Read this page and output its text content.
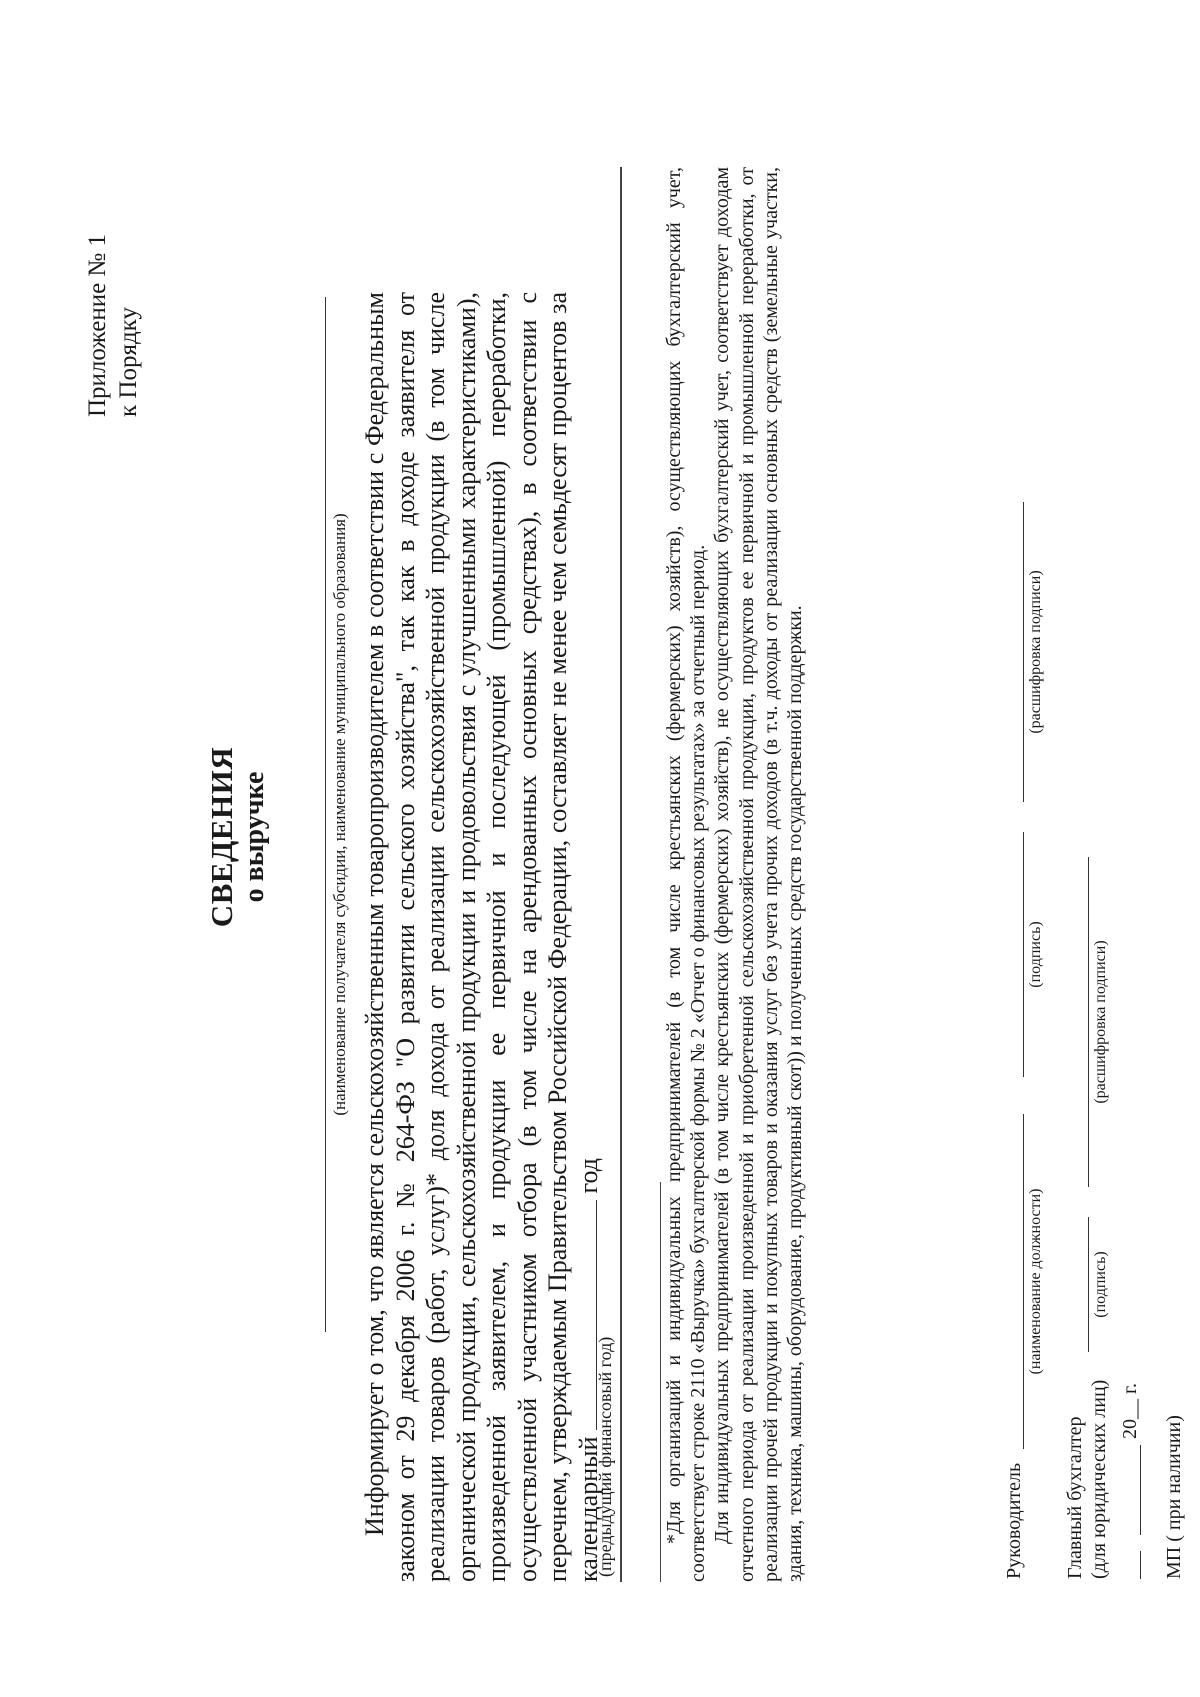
Приложение № 1 к Порядку
СВЕДЕНИЯ о выручке	(наименование получателя субсидии, наименование муниципального образования) Информирует о том, что является сельскохозяйственным товаропроизводителем в соответствии с Федеральным законом от 29 декабря 2006 г. № 264-ФЗ "О развитии сельского хозяйства", так как в доходе заявителя от реализации товаров (работ, услуг)* доля дохода от реализации сельскохозяйственной продукции (в том числе органической продукции, сельскохозяйственной продукции и продовольствия с улучшенными характеристиками), произведенной заявителем, и продукции ее первичной и последующей (промышленной) переработки, осуществленной участником отбора (в том числе на арендованных основных средствах), в соответствии с перечнем, утверждаемым Правительством Российской Федерации, составляет не менее чем семьдесят процентов за календарный  год

(предыдущий финансовый год) *Для организаций и индивидуальных предпринимателей (в том числе крестьянских (фермерских) хозяйств), осуществляющих бухгалтерский учет, соответствует строке 2110 «Выручка» бухгалтерской формы № 2 «Отчет о финансовых результатах» за отчетный период. Для индивидуальных предпринимателей (в том числе крестьянских (фермерских) хозяйств), не осуществляющих бухгалтерский учет, соответствует доходам отчетного периода от реализации произведенной и приобретенной сельскохозяйственной продукции, продуктов ее первичной и промышленной переработки, от реализации прочей продукции и покупных товаров и оказания услуг без учета прочих доходов (в т.ч. доходы от реализации основных средств (земельные участки, здания, техника, машины, оборудование, продуктивный скот)) и полученных средств государственной поддержки.	Руководитель
(наименование должности)
(подпись)
(расшифровка подписи)
Главный бухгалтер (для юридических лиц)
(подпись)
(расшифровка подписи)
20__ г.
МП ( при наличии)
